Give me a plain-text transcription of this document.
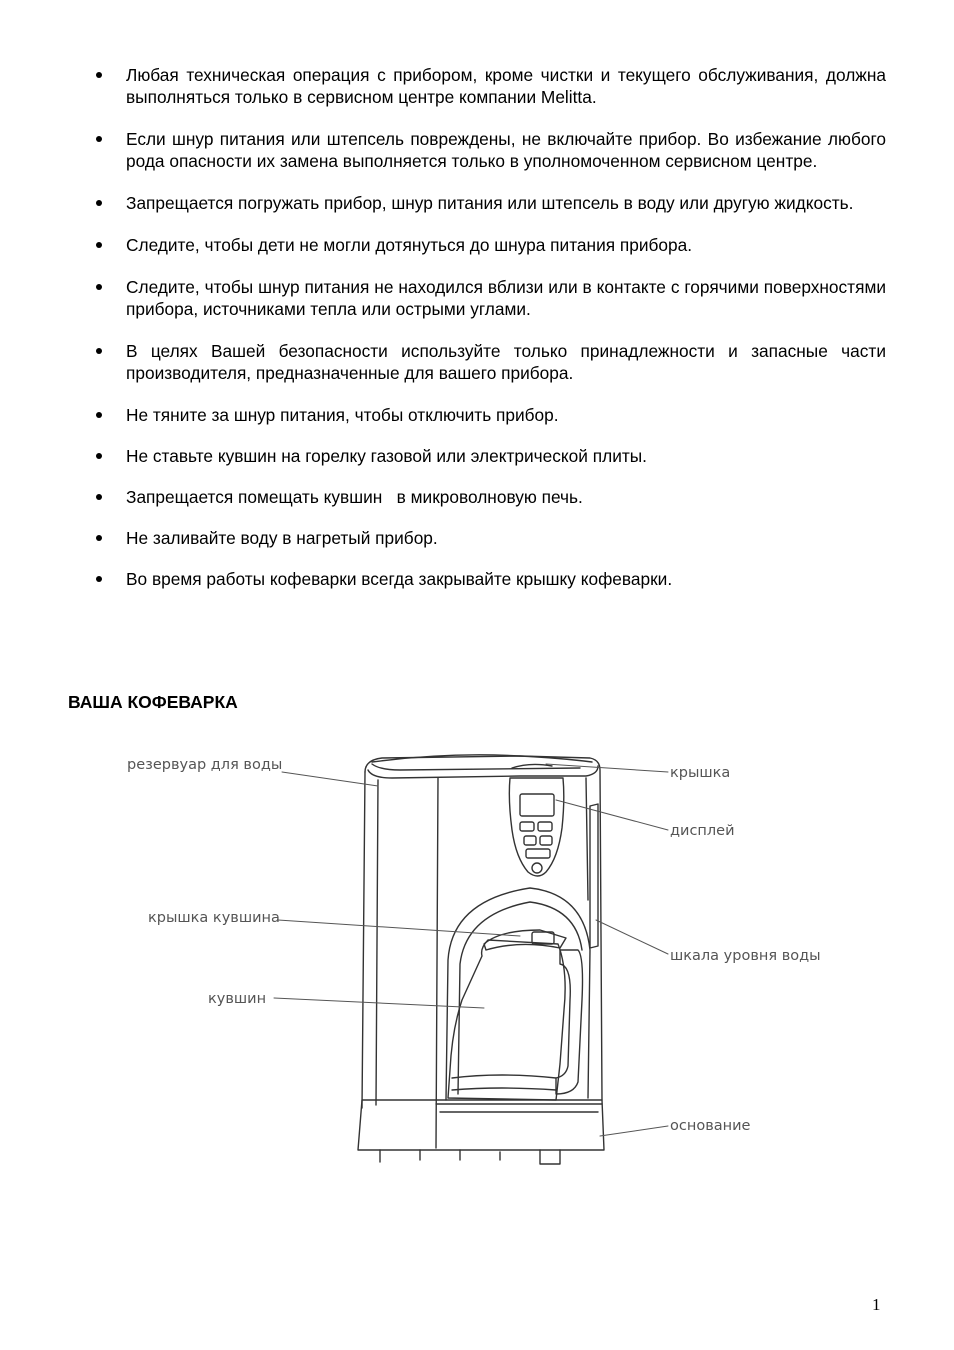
Любая техническая операция с прибором, кроме чистки и текущего обслуживания, должна выполняться только в сервисном центре компании Melitta.
Если шнур питания или штепсель повреждены, не включайте прибор. Во избежание любого рода опасности их замена выполняется только в уполномоченном сервисном центре.
Запрещается погружать прибор, шнур питания или штепсель в воду или другую жидкость.
Следите, чтобы дети не могли дотянуться до шнура питания прибора.
Следите, чтобы шнур питания не находился вблизи или в контакте с горячими поверхностями прибора, источниками тепла или острыми углами.
В целях Вашей безопасности используйте только принадлежности и запасные части производителя, предназначенные для вашего прибора.
Не тяните за шнур питания, чтобы отключить прибор.
Не ставьте кувшин на горелку газовой или электрической плиты.
Запрещается помещать кувшин   в микроволновую печь.
Не заливайте воду в нагретый прибор.
Во время работы кофеварки всегда закрывайте крышку кофеварки.
ВАША КОФЕВАРКА
резервуар для воды	крышка
дисплей
крышка кувшина
шкала уровня воды
кувшин
основание
1
